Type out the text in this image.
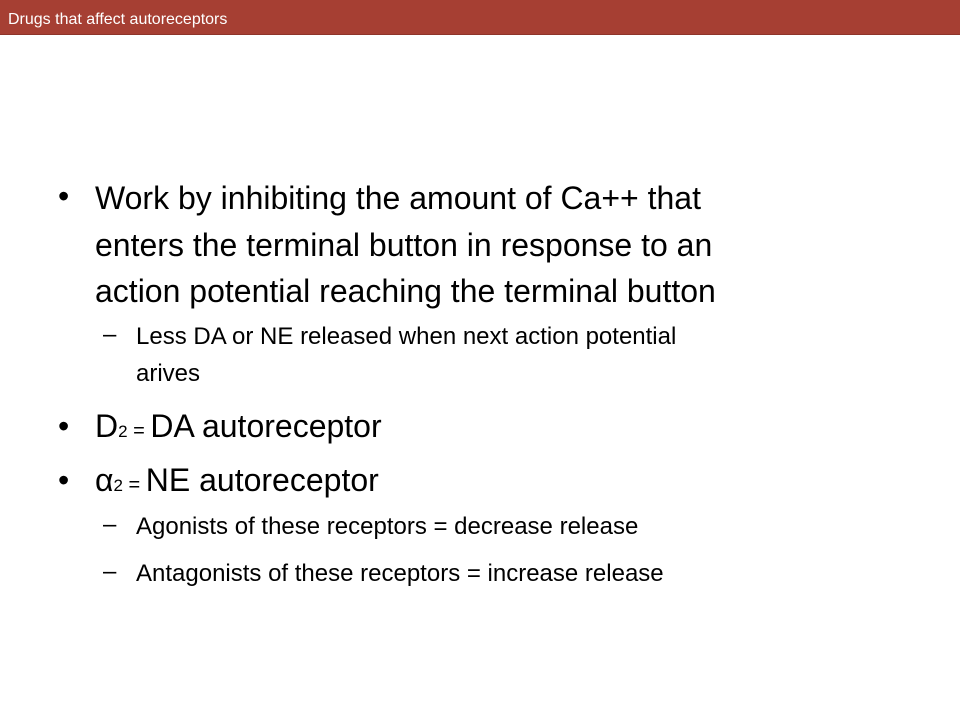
Drugs that affect autoreceptors
• Work by inhibiting the amount of Ca++ that
enters the terminal button in response to an
action potential reaching the terminal button
– Less DA or NE released when next action potential
arives
• D2 = DA autoreceptor
• α2 = NE autoreceptor
– Agonists of these receptors = decrease release
– Antagonists of these receptors = increase release
